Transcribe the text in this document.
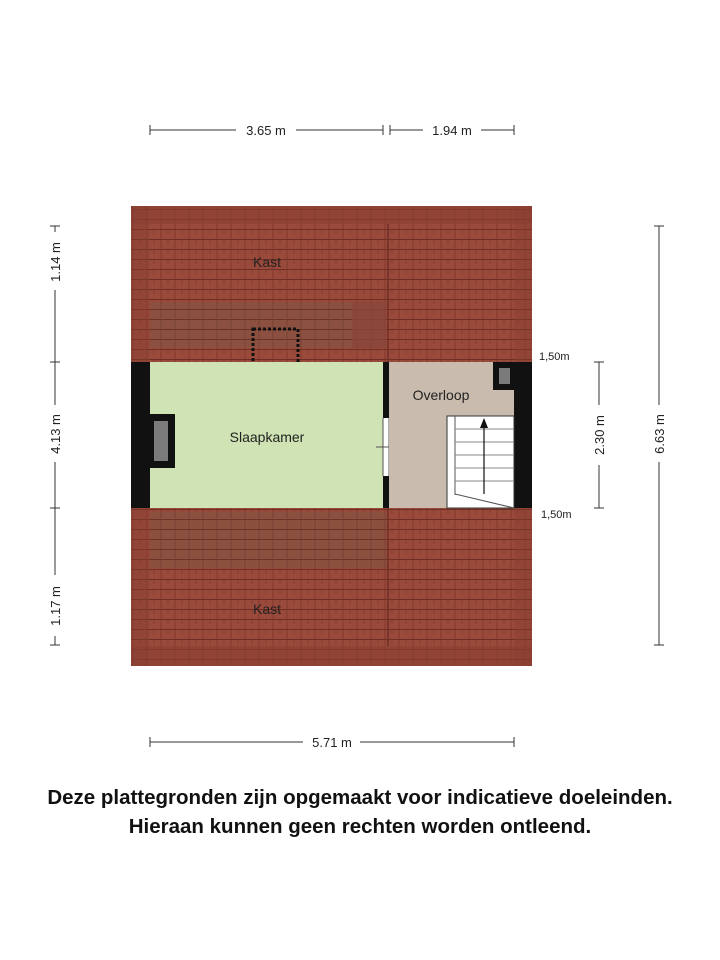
3.65 m	1.94 m
1.14 m
4.13 m
1.17 m
2.30 m	6.63 m
5.71 m
Kast
Slaapkamer
Overloop
Kast
1,50m
1,50m
Deze plattegronden zijn opgemaakt voor indicatieve doeleinden.
Hieraan kunnen geen rechten worden ontleend.
